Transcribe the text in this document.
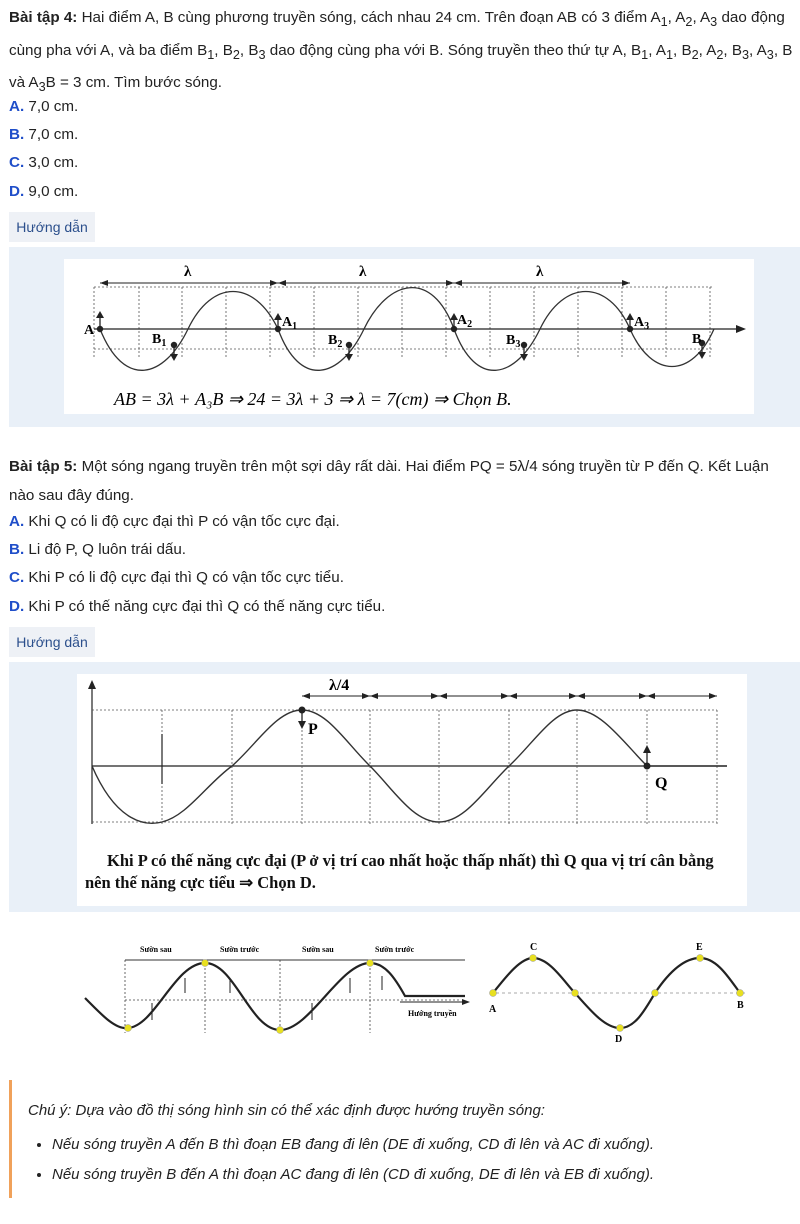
Bài tập 4: Hai điểm A, B cùng phương truyền sóng, cách nhau 24 cm. Trên đoạn AB có 3 điểm $A_1$, $A_2$, $A_3$ dao động cùng pha với A, và ba điểm $B_1$, $B_2$, $B_3$ dao động cùng pha với B. Sóng truyền theo thứ tự A, $B_1$, $A_1$, $B_2$, $A_2$, $B_3$, $A_3$, B và $A_3B = 3$ cm. Tìm bước sóng.
A. 7,0 cm.
B. 7,0 cm.
C. 3,0 cm.
D. 9,0 cm.
Hướng dẫn
λ	λ	λ
A
$A_1$	$A_2$	$A_3$
$B_1$	$B_2$	$B_3$	B
AB = 3λ + A₃B ⇒ 24 = 3λ + 3 ⇒ λ = 7(cm) ⇒ Chọn B.
Bài tập 5: Một sóng ngang truyền trên một sợi dây rất dài. Hai điểm PQ = 5λ/4 sóng truyền từ P đến Q. Kết Luận nào sau đây đúng.
A. Khi Q có li độ cực đại thì P có vận tốc cực đại.
B. Li độ P, Q luôn trái dấu.
C. Khi P có li độ cực đại thì Q có vận tốc cực tiểu.
D. Khi P có thế năng cực đại thì Q có thế năng cực tiểu.
Hướng dẫn
λ/4
P
Q
Khi P có thế năng cực đại (P ở vị trí cao nhất hoặc thấp nhất) thì Q qua vị trí cân bằng nên thế năng cực tiểu ⇒ Chọn D.
Sườn sau	Sườn trước	Sườn sau	Sườn trước
Hướng truyền	A
C
D
E
B
Chú ý: Dựa vào đồ thị sóng hình sin có thể xác định được hướng truyền sóng:
• Nếu sóng truyền A đến B thì đoạn EB đang đi lên (DE đi xuống, CD đi lên và AC đi xuống).
• Nếu sóng truyền B đến A thì đoạn AC đang đi lên (CD đi xuống, DE đi lên và EB đi xuống).
